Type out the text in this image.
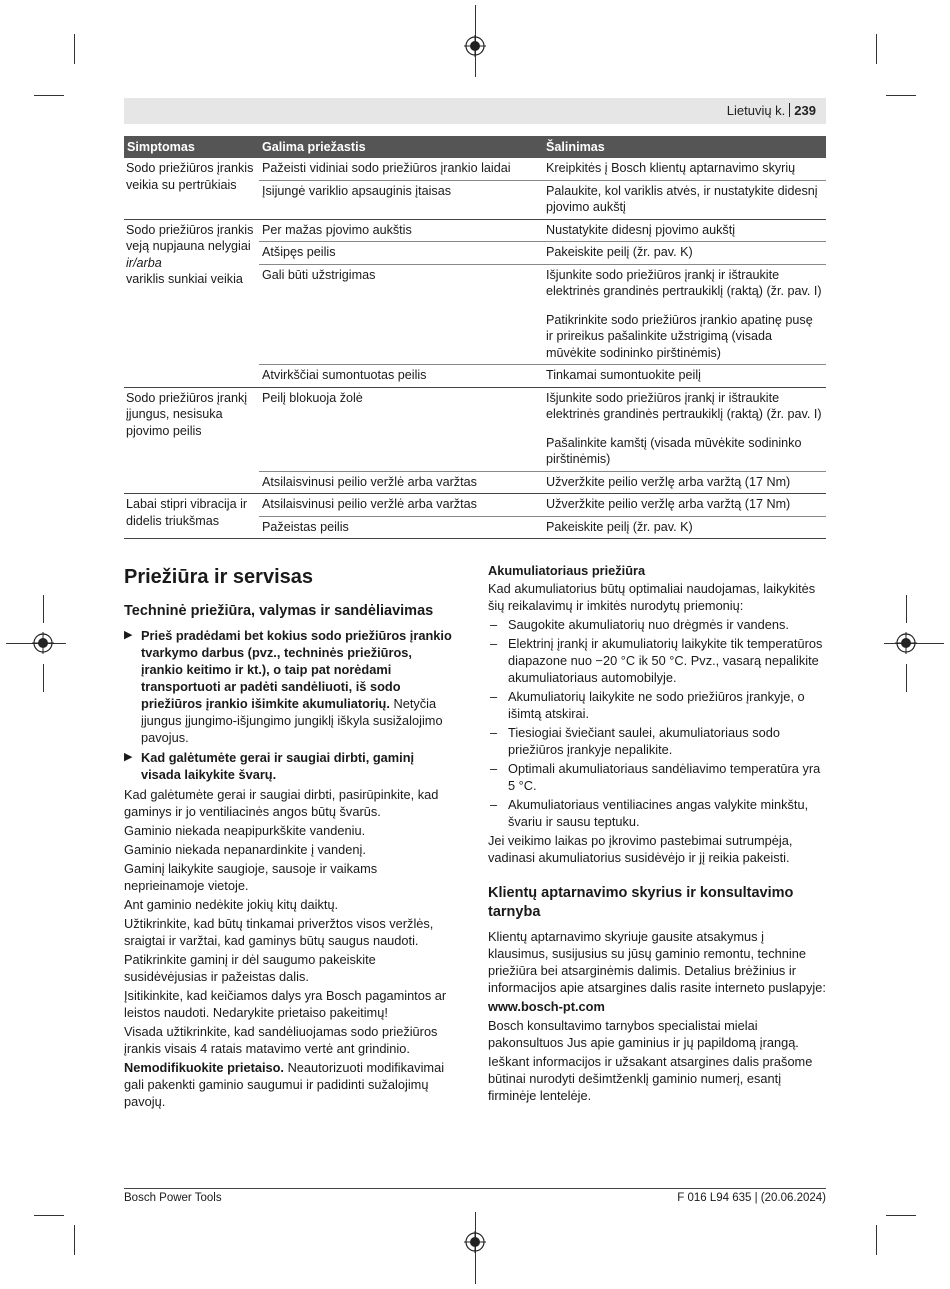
Lietuvių k. 239
Simptomas	Galima priežastis	Šalinimas
Sodo priežiūros įrankis veikia su pertrūkiais	Pažeisti vidiniai sodo priežiūros įrankio laidai	Kreipkitės į Bosch klientų aptarnavimo skyrių
	Įsijungė variklio apsauginis įtaisas	Palaukite, kol variklis atvės, ir nustatykite didesnį pjovimo aukštį
Sodo priežiūros įrankis veją nupjauna nelygiai
ir/arba
variklis sunkiai veikia	Per mažas pjovimo aukštis	Nustatykite didesnį pjovimo aukštį
	Atšipęs peilis	Pakeiskite peilį (žr. pav. K)
	Gali būti užstrigimas	Išjunkite sodo priežiūros įrankį ir ištraukite elektrinės grandinės pertraukiklį (raktą) (žr. pav. I)
		Patikrinkite sodo priežiūros įrankio apatinę pusę ir prireikus pašalinkite užstrigimą (visada mūvėkite sodininko pirštinėmis)
	Atvirkščiai sumontuotas peilis	Tinkamai sumontuokite peilį
Sodo priežiūros įrankį įjungus, nesisuka pjovimo peilis	Peilį blokuoja žolė	Išjunkite sodo priežiūros įrankį ir ištraukite elektrinės grandinės pertraukiklį (raktą) (žr. pav. I)
		Pašalinkite kamštį (visada mūvėkite sodininko pirštinėmis)
	Atsilaisvinusi peilio veržlė arba varžtas	Užveržkite peilio veržlę arba varžtą (17 Nm)
Labai stipri vibracija ir didelis triukšmas	Atsilaisvinusi peilio veržlė arba varžtas	Užveržkite peilio veržlę arba varžtą (17 Nm)
	Pažeistas peilis	Pakeiskite peilį (žr. pav. K)
Priežiūra ir servisas
Techninė priežiūra, valymas ir sandėliavimas
▶ Prieš pradėdami bet kokius sodo priežiūros įrankio tvarkymo darbus (pvz., techninės priežiūros, įrankio keitimo ir kt.), o taip pat norėdami transportuoti ar padėti sandėliuoti, iš sodo priežiūros įrankio išimkite akumuliatorių. Netyčia įjungus įjungimo-išjungimo jungiklį iškyla susižalojimo pavojus.
▶ Kad galėtumėte gerai ir saugiai dirbti, gaminį visada laikykite švarų.

Kad galėtumėte gerai ir saugiai dirbti, pasirūpinkite, kad gaminys ir jo ventiliacinės angos būtų švarūs.

Gaminio niekada neapipurkškite vandeniu.

Gaminio niekada nepanardinkite į vandenį.

Gaminį laikykite saugioje, sausoje ir vaikams neprieinamoje vietoje.

Ant gaminio nedėkite jokių kitų daiktų.

Užtikrinkite, kad būtų tinkamai priveržtos visos veržlės, sraigtai ir varžtai, kad gaminys būtų saugus naudoti.

Patikrinkite gaminį ir dėl saugumo pakeiskite susidėvėjusias ir pažeistas dalis.

Įsitikinkite, kad keičiamos dalys yra Bosch pagamintos ar leistos naudoti. Nedarykite prietaiso pakeitimų!

Visada užtikrinkite, kad sandėliuojamas sodo priežiūros įrankis visais 4 ratais matavimo vertė ant grindinio.

Nemodifikuokite prietaiso. Neautorizuoti modifikavimai gali pakenkti gaminio saugumui ir padidinti sužalojimų pavojų.

Akumuliatoriaus priežiūra

Kad akumuliatorius būtų optimaliai naudojamas, laikykitės šių reikalavimų ir imkitės nurodytų priemonių:

– Saugokite akumuliatorių nuo drėgmės ir vandens.
– Elektrinį įrankį ir akumuliatorių laikykite tik temperatūros diapazone nuo −20 °C ik 50 °C. Pvz., vasarą nepalikite akumuliatoriaus automobilyje.
– Akumuliatorių laikykite ne sodo priežiūros įrankyje, o išimtą atskirai.
– Tiesiogiai šviečiant saulei, akumuliatoriaus sodo priežiūros įrankyje nepalikite.
– Optimali akumuliatoriaus sandėliavimo temperatūra yra 5 °C.
– Akumuliatoriaus ventiliacines angas valykite minkštu, švariu ir sausu teptuku.

Jei veikimo laikas po įkrovimo pastebimai sutrumpėja, vadinasi akumuliatorius susidėvėjo ir jį reikia pakeisti.

Klientų aptarnavimo skyrius ir konsultavimo tarnyba

Klientų aptarnavimo skyriuje gausite atsakymus į klausimus, susijusius su jūsų gaminio remontu, technine priežiūra bei atsarginėmis dalimis. Detalius brėžinius ir informacijos apie atsargines dalis rasite interneto puslapyje:

www.bosch-pt.com

Bosch konsultavimo tarnybos specialistai mielai pakonsultuos Jus apie gaminius ir jų papildomą įrangą.

Ieškant informacijos ir užsakant atsargines dalis prašome būtinai nurodyti dešimtženklį gaminio numerį, esantį firminėje lentelėje.

Bosch Power Tools	F 016 L94 635 | (20.06.2024)
